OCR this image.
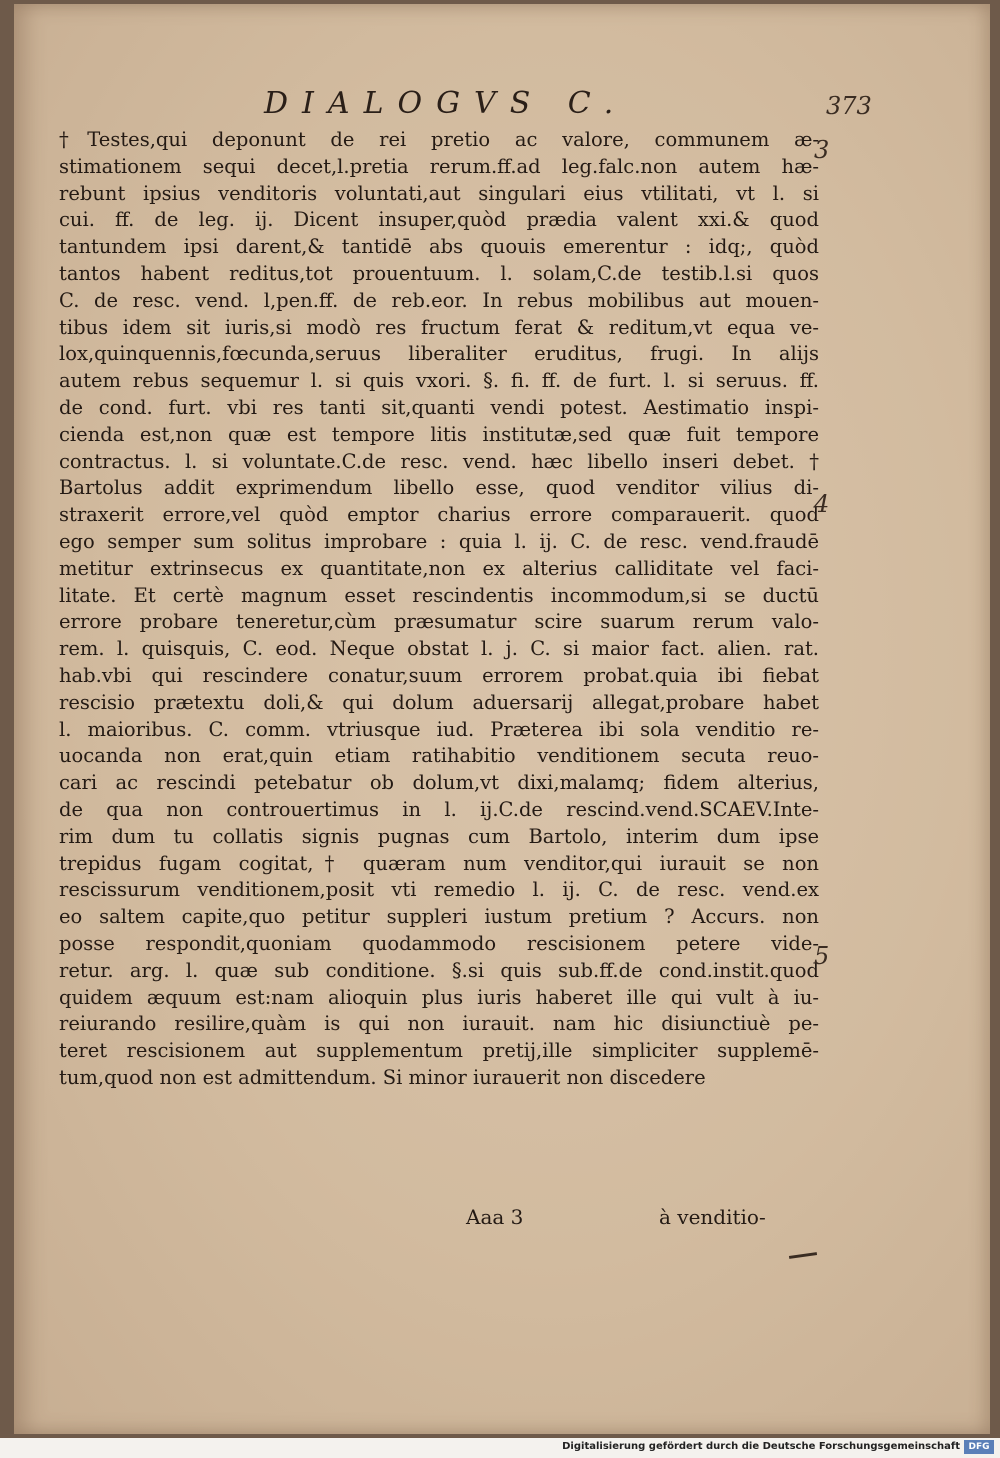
DIALOGVS C.	373
†Testes,qui deponunt de rei pretio ac valore, communem æ-
stimationem sequi decet,l.pretia rerum.ff.ad leg.falc.non autem hæ-
rebunt ipsius venditoris voluntati,aut singulari eius vtilitati, vt l. si
cui. ff. de leg. ij. Dicent insuper,quòd prædia valent xxi.& quod
tantundem ipsi darent,& tantidē abs quouis emerentur : idq;, quòd
tantos habent reditus,tot prouentuum. l. solam,C.de testib.l.si quos
C. de resc. vend. l,pen.ff. de reb.eor. In rebus mobilibus aut mouen-
tibus idem sit iuris,si modò res fructum ferat & reditum,vt equa ve-
lox,quinquennis,fœcunda,seruus liberaliter eruditus, frugi. In alijs
autem rebus sequemur l. si quis vxori. §. fi. ff. de furt. l. si seruus. ff.
de cond. furt. vbi res tanti sit,quanti vendi potest. Aestimatio inspi-
cienda est,non quæ est tempore litis institutæ,sed quæ fuit tempore
contractus. l. si voluntate.C.de resc. vend. hæc libello inseri debet. †
Bartolus addit exprimendum libello esse, quod venditor vilius di-
straxerit errore,vel quòd emptor charius errore comparauerit. quod
ego semper sum solitus improbare : quia l. ij. C. de resc. vend.fraudē
metitur extrinsecus ex quantitate,non ex alterius calliditate vel faci-
litate. Et certè magnum esset rescindentis incommodum,si se ductū
errore probare teneretur,cùm præsumatur scire suarum rerum valo-
rem. l. quisquis, C. eod. Neque obstat l. j. C. si maior fact. alien. rat.
hab.vbi qui rescindere conatur,suum errorem probat.quia ibi fiebat
rescisio prætextu doli,& qui dolum aduersarij allegat,probare habet
l. maioribus. C. comm. vtriusque iud. Præterea ibi sola venditio re-
uocanda non erat,quin etiam ratihabitio venditionem secuta reuo-
cari ac rescindi petebatur ob dolum,vt dixi,malamq; fidem alterius,
de qua non controuertimus in l. ij.C.de rescind.vend.SCAEV.Inte-
rim dum tu collatis signis pugnas cum Bartolo, interim dum ipse
trepidus fugam cogitat,† quæram num venditor,qui iurauit se non
rescissurum venditionem,posit vti remedio l. ij. C. de resc. vend.ex
eo saltem capite,quo petitur suppleri iustum pretium ? Accurs. non
posse respondit,quoniam quodammodo rescisionem petere vide-
retur. arg. l. quæ sub conditione. §.si quis sub.ff.de cond.instit.quod
quidem æquum est:nam alioquin plus iuris haberet ille qui vult à iu-
reiurando resilire,quàm is qui non iurauit. nam hic disiunctiuè pe-
teret rescisionem aut supplementum pretij,ille simpliciter supplemē-
tum,quod non est admittendum. Si minor iurauerit non discedere
3
4
5
Aaa 3	à venditio-
Digitalisierung gefördert durch die Deutsche Forschungsgemeinschaft DFG
